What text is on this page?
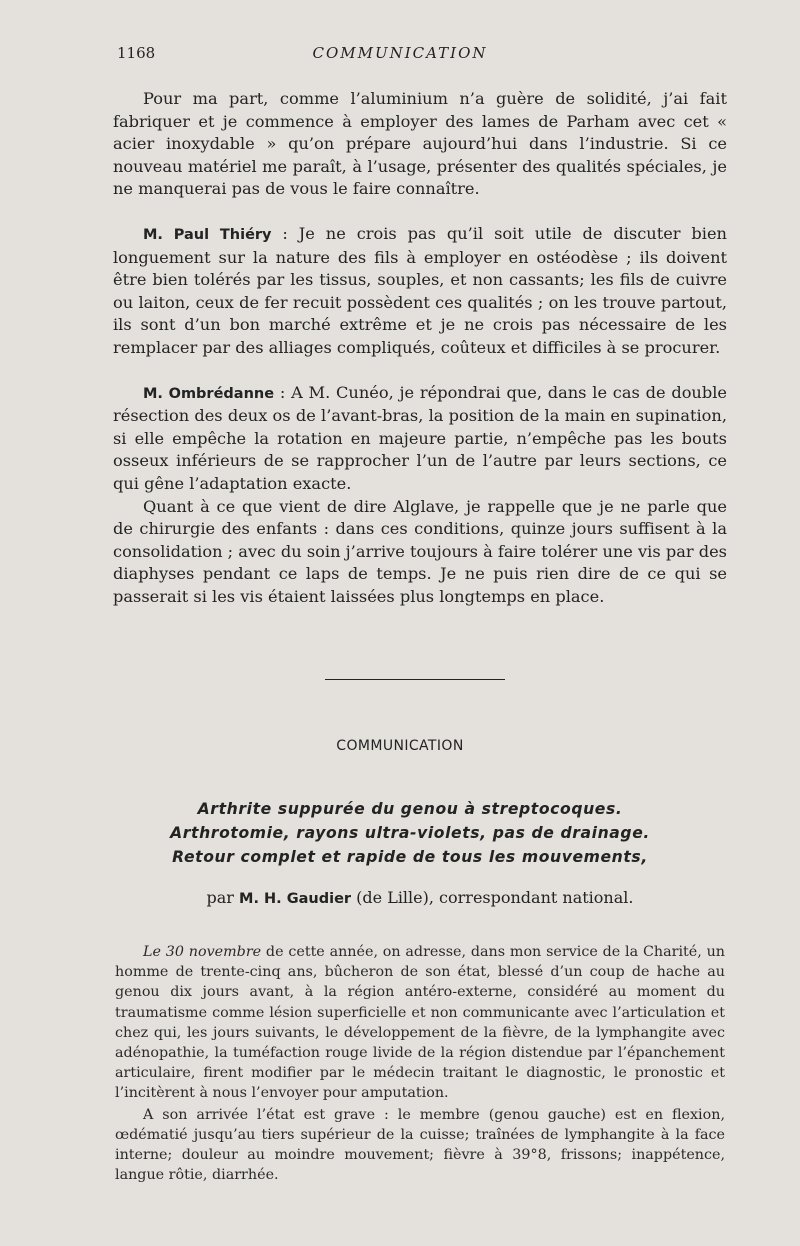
1168	COMMUNICATION

Pour ma part, comme l’aluminium n’a guère de solidité, j’ai fait fabriquer et je commence à employer des lames de Parham avec cet « acier inoxydable » qu’on prépare aujourd’hui dans l’industrie. Si ce nouveau matériel me paraît, à l’usage, présenter des qualités spéciales, je ne manquerai pas de vous le faire connaître.

M. Paul Thiéry : Je ne crois pas qu’il soit utile de discuter bien longuement sur la nature des fils à employer en ostéodèse ; ils doivent être bien tolérés par les tissus, souples, et non cassants; les fils de cuivre ou laiton, ceux de fer recuit possèdent ces qualités ; on les trouve partout, ils sont d’un bon marché extrême et je ne crois pas nécessaire de les remplacer par des alliages compliqués, coûteux et difficiles à se procurer.

M. Ombrédanne : A M. Cunéo, je répondrai que, dans le cas de double résection des deux os de l’avant-bras, la position de la main en supination, si elle empêche la rotation en majeure partie, n’empêche pas les bouts osseux inférieurs de se rapprocher l’un de l’autre par leurs sections, ce qui gêne l’adaptation exacte.

Quant à ce que vient de dire Alglave, je rappelle que je ne parle que de chirurgie des enfants : dans ces conditions, quinze jours suffisent à la consolidation ; avec du soin j’arrive toujours à faire tolérer une vis par des diaphyses pendant ce laps de temps. Je ne puis rien dire de ce qui se passerait si les vis étaient laissées plus longtemps en place.

COMMUNICATION
Arthrite suppurée du genou à streptocoques.
Arthrotomie, rayons ultra-violets, pas de drainage.
Retour complet et rapide de tous les mouvements,
par M. H. Gaudier (de Lille), correspondant national.

Le 30 novembre de cette année, on adresse, dans mon service de la Charité, un homme de trente-cinq ans, bûcheron de son état, blessé d’un coup de hache au genou dix jours avant, à la région antéro-externe, considéré au moment du traumatisme comme lésion superficielle et non communicante avec l’articulation et chez qui, les jours suivants, le développement de la fièvre, de la lymphangite avec adénopathie, la tuméfaction rouge livide de la région distendue par l’épanchement articulaire, firent modifier par le médecin traitant le diagnostic, le pronostic et l’incitèrent à nous l’envoyer pour amputation.

A son arrivée l’état est grave : le membre (genou gauche) est en flexion, œdématié jusqu’au tiers supérieur de la cuisse; traînées de lymphangite à la face interne; douleur au moindre mouvement; fièvre à 39°8, frissons; inappétence, langue rôtie, diarrhée.
